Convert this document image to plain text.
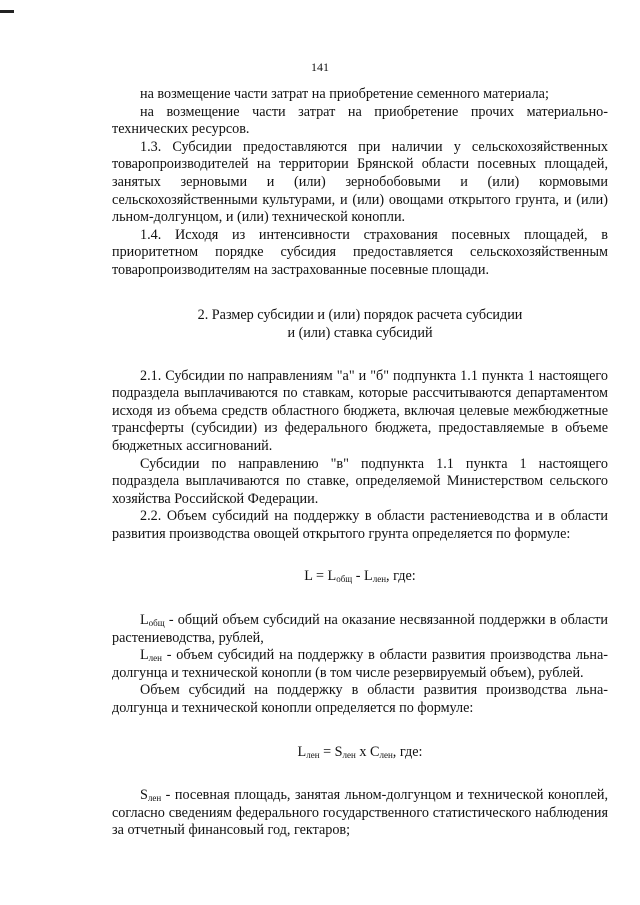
141

на возмещение части затрат на приобретение семенного материала;

на возмещение части затрат на приобретение прочих материально-технических ресурсов.

1.3. Субсидии предоставляются при наличии у сельскохозяйственных товаропроизводителей на территории Брянской области посевных площадей, занятых зерновыми и (или) зернобобовыми и (или) кормовыми сельскохозяйственными культурами, и (или) овощами открытого грунта, и (или) льном-долгунцом, и (или) технической конопли.

1.4. Исходя из интенсивности страхования посевных площадей, в приоритетном порядке субсидия предоставляется сельскохозяйственным товаропроизводителям на застрахованные посевные площади.

2. Размер субсидии и (или) порядок расчета субсидии
и (или) ставка субсидий

2.1. Субсидии по направлениям "а" и "б" подпункта 1.1 пункта 1 настоящего подраздела выплачиваются по ставкам, которые рассчитываются департаментом исходя из объема средств областного бюджета, включая целевые межбюджетные трансферты (субсидии) из федерального бюджета, предоставляемые в объеме бюджетных ассигнований.

Субсидии по направлению "в" подпункта 1.1 пункта 1 настоящего подраздела выплачиваются по ставке, определяемой Министерством сельского хозяйства Российской Федерации.

2.2. Объем субсидий на поддержку в области растениеводства и в области развития производства овощей открытого грунта определяется по формуле:

$L = L_{общ} - L_{лен}$, где:

$L_{общ}$ - общий объем субсидий на оказание несвязанной поддержки в области растениеводства, рублей,

$L_{лен}$ - объем субсидий на поддержку в области развития производства льна-долгунца и технической конопли (в том числе резервируемый объем), рублей.

Объем субсидий на поддержку в области развития производства льна-долгунца и технической конопли определяется по формуле:

$L_{лен} = S_{лен}$ x $C_{лен}$, где:

$S_{лен}$ - посевная площадь, занятая льном-долгунцом и технической коноплей, согласно сведениям федерального государственного статистического наблюдения за отчетный финансовый год, гектаров;
